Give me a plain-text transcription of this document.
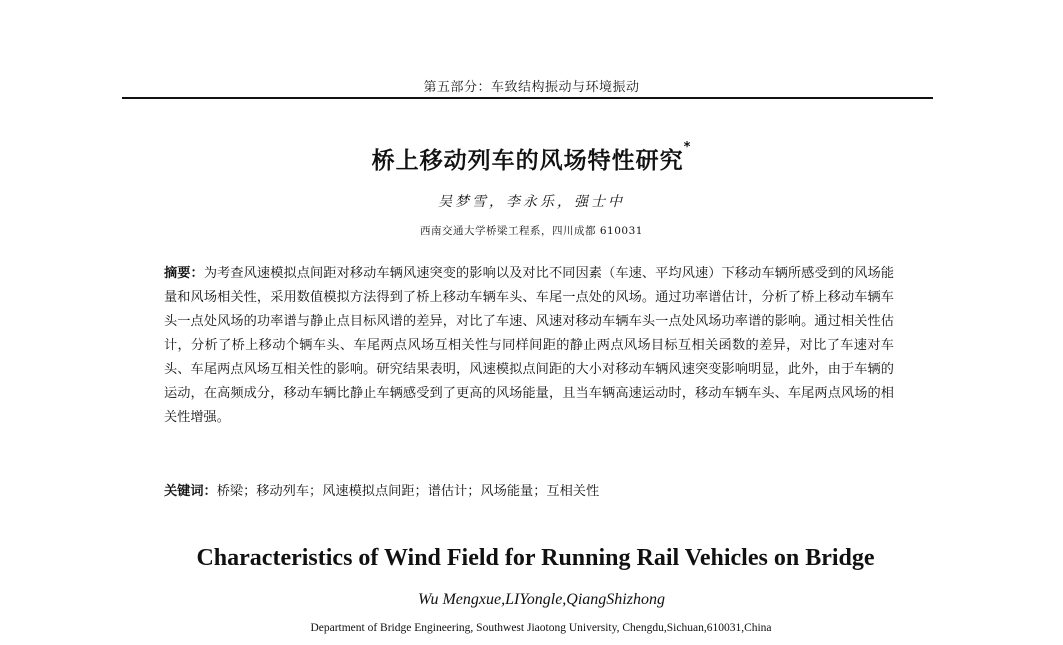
第五部分：车致结构振动与环境振动
桥上移动列车的风场特性研究*
吴梦雪，李永乐，强士中
西南交通大学桥梁工程系，四川成都 610031
摘要：为考查风速模拟点间距对移动车辆风速突变的影响以及对比不同因素（车速、平均风速）下移动车辆所感受到的风场能量和风场相关性，采用数值模拟方法得到了桥上移动车辆车头、车尾一点处的风场。通过功率谱估计，分析了桥上移动车辆车头一点处风场的功率谱与静止点目标风谱的差异，对比了车速、风速对移动车辆车头一点处风场功率谱的影响。通过相关性估计，分析了桥上移动个辆车头、车尾两点风场互相关性与同样间距的静止两点风场目标互相关函数的差异，对比了车速对车头、车尾两点风场互相关性的影响。研究结果表明，风速模拟点间距的大小对移动车辆风速突变影响明显，此外，由于车辆的运动，在高频成分，移动车辆比静止车辆感受到了更高的风场能量，且当车辆高速运动时，移动车辆车头、车尾两点风场的相关性增强。
关键词：桥梁；移动列车；风速模拟点间距；谱估计；风场能量；互相关性
Characteristics of Wind Field for Running Rail Vehicles on Bridge
Wu Mengxue,LIYongle,QiangShizhong
Department of Bridge Engineering, Southwest Jiaotong University, Chengdu,Sichuan,610031,China
